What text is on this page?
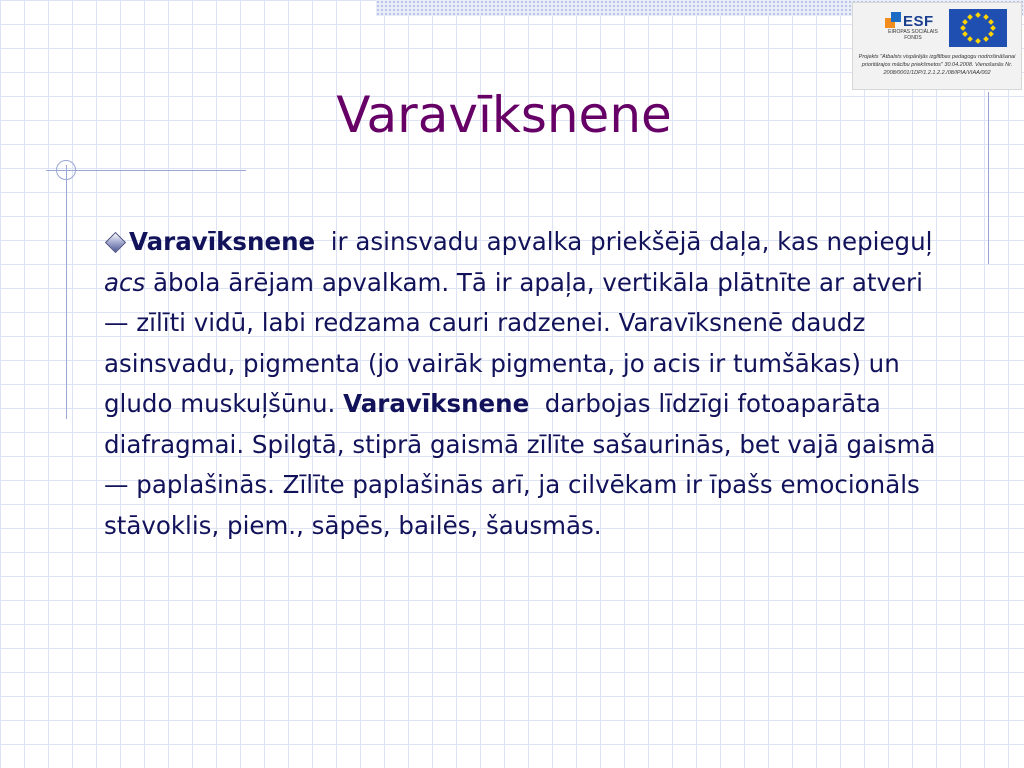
ESF
EIROPAS SOCIĀLAIS FONDS
Projekts "Atbalsts vispārējās izglītības pedagogu nodrošināšanai prioritārajos mācību priekšmetos" 30.04.2008. Vienošanās Nr. 2008/0001/1DP/1.2.1.2.2./08/IPIA/VIAA/002
Varavīksnene

Varavīksnene  ir asinsvadu apvalka priekšējā daļa, kas nepieguļ acs ābola ārējam apvalkam. Tā ir apaļa, vertikāla plātnīte ar atveri — zīlīti vidū, labi redzama cauri radzenei. Varavīksnenē daudz asinsvadu, pigmenta (jo vairāk pigmenta, jo acis ir tumšākas) un gludo muskuļšūnu. Varavīksnene  darbojas līdzīgi fotoaparāta diafragmai. Spilgtā, stiprā gaismā zīlīte sašaurinās, bet vajā gaismā — paplašinās. Zīlīte paplašinās arī, ja cilvēkam ir īpašs emocionāls stāvoklis, piem., sāpēs, bailēs, šausmās.
